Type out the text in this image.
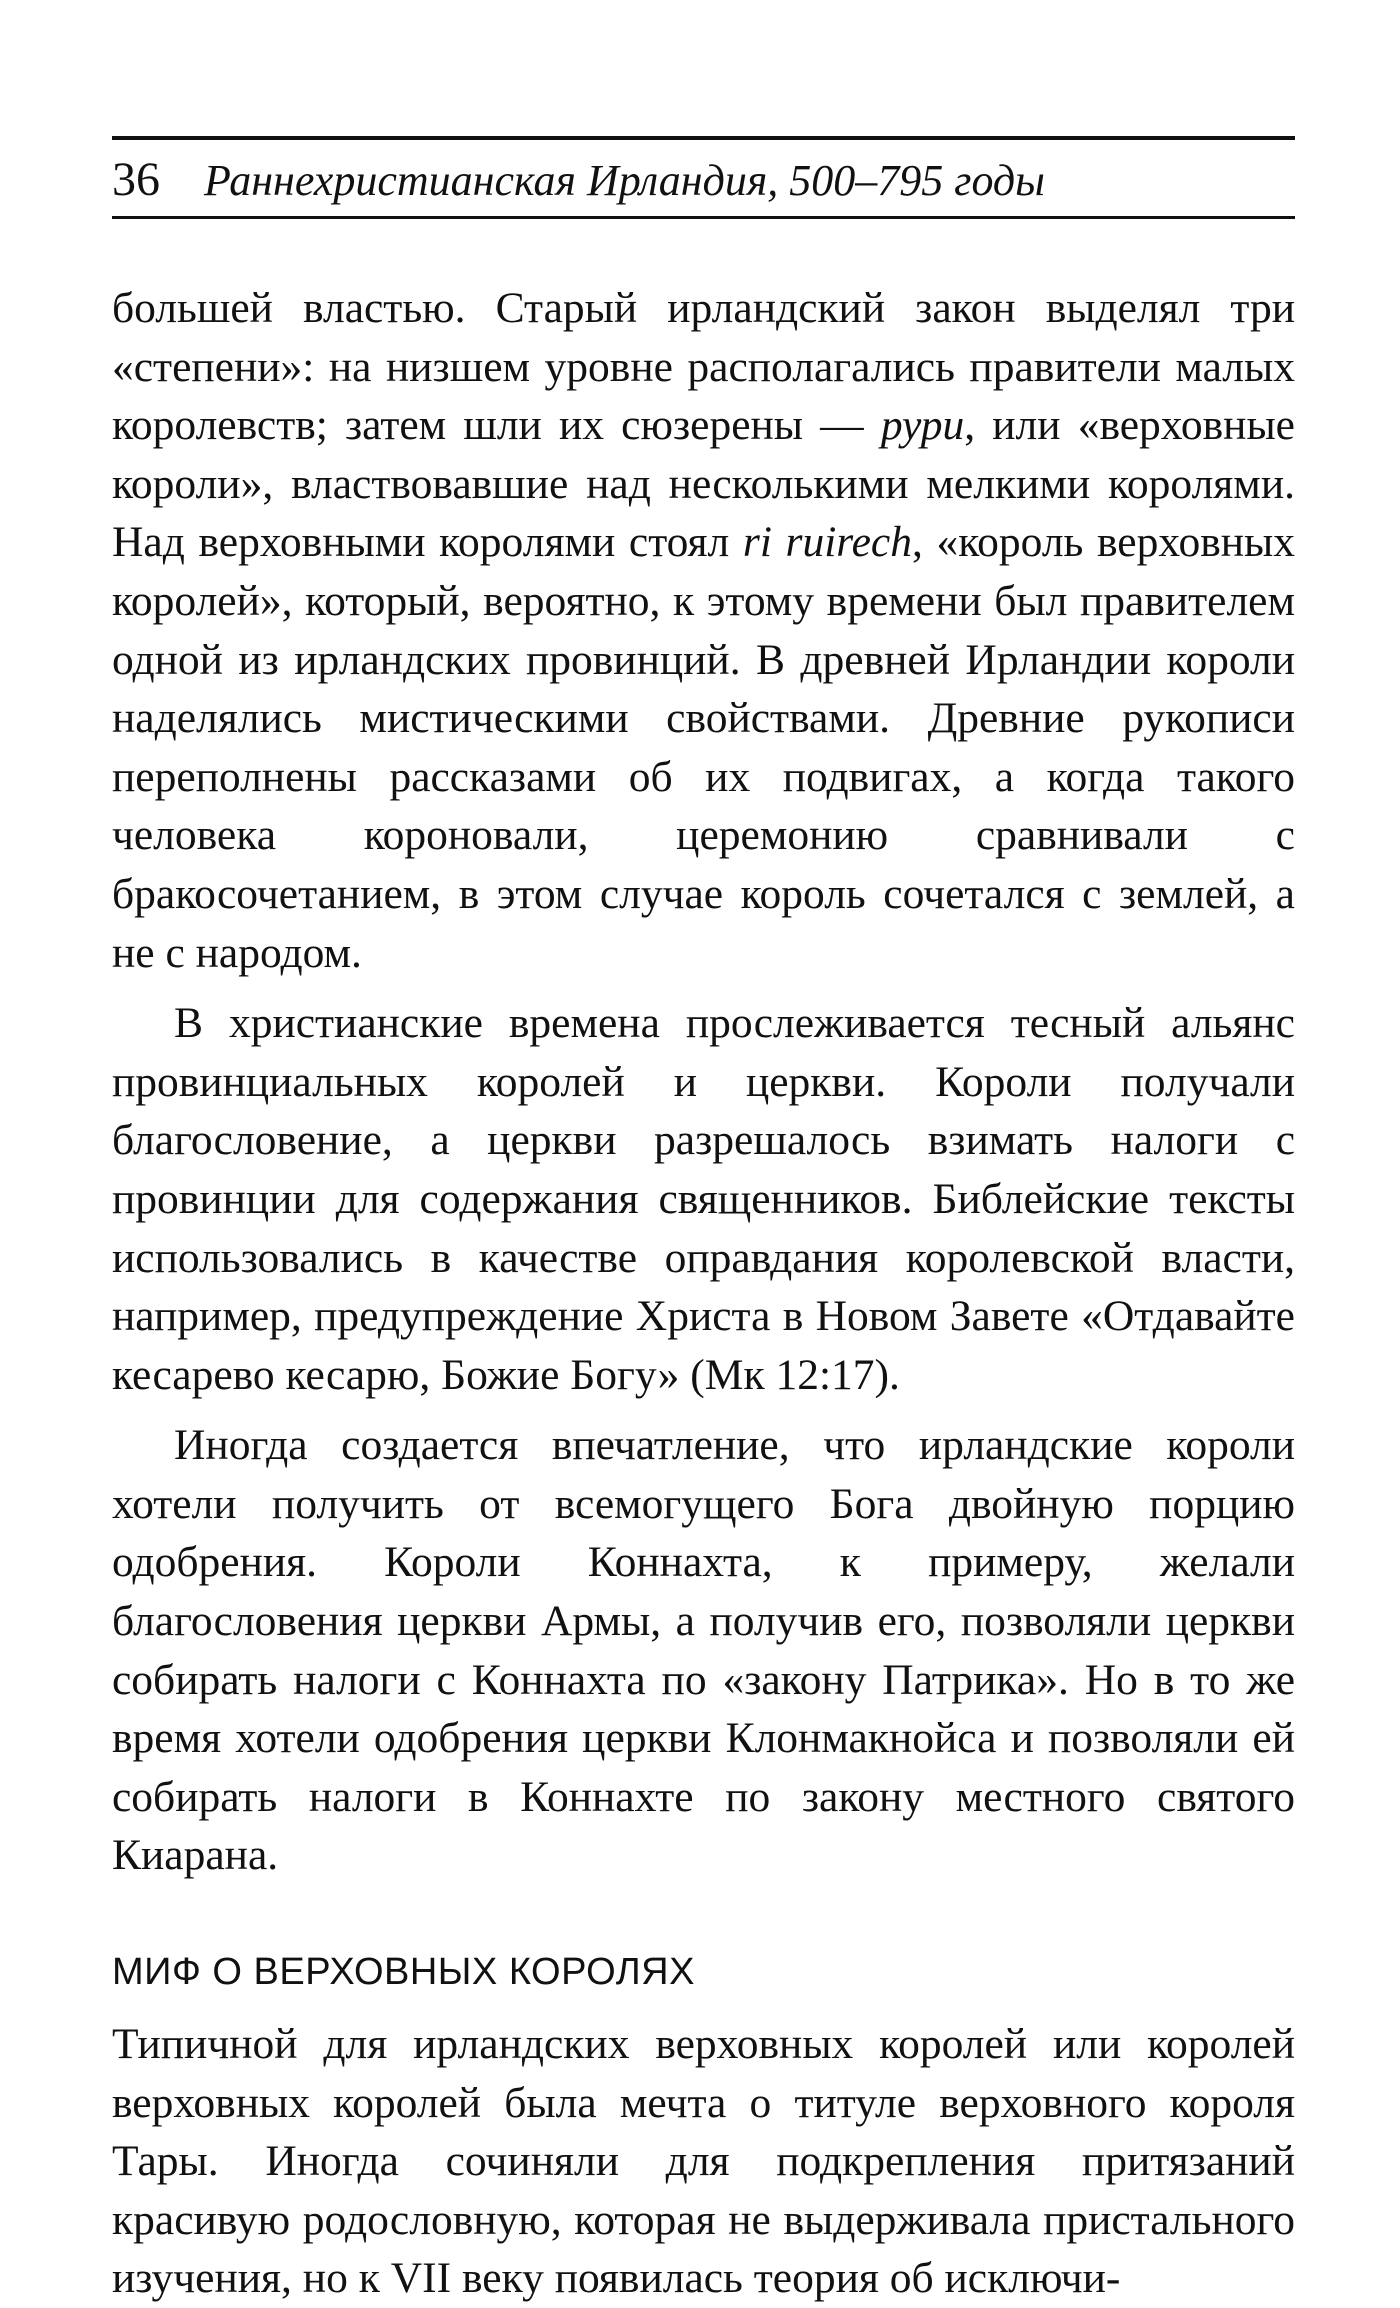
36 Раннехристианская Ирландия, 500–795 годы

большей властью. Старый ирландский закон выделял три «степени»: на низшем уровне располагались правители малых королевств; затем шли их сюзерены — рури, или «верховные короли», властвовавшие над несколькими мелкими королями. Над верховными королями стоял ri ruirech, «король верховных королей», который, вероятно, к этому времени был правителем одной из ирландских провинций. В древней Ирландии короли наделялись мистическими свойствами. Древние рукописи переполнены рассказами об их подвигах, а когда такого человека короновали, церемонию сравнивали с бракосочетанием, в этом случае король сочетался с землей, а не с народом.

В христианские времена прослеживается тесный альянс провинциальных королей и церкви. Короли получали благословение, а церкви разрешалось взимать налоги с провинции для содержания священников. Библейские тексты использовались в качестве оправдания королевской власти, например, предупреждение Христа в Новом Завете «Отдавайте кесарево кесарю, Божие Богу» (Мк 12:17).

Иногда создается впечатление, что ирландские короли хотели получить от всемогущего Бога двойную порцию одобрения. Короли Коннахта, к примеру, желали благословения церкви Армы, а получив его, позволяли церкви собирать налоги с Коннахта по «закону Патрика». Но в то же время хотели одобрения церкви Клонмакнойса и позволяли ей собирать налоги в Коннахте по закону местного святого Киарана.

МИФ О ВЕРХОВНЫХ КОРОЛЯХ

Типичной для ирландских верховных королей или королей верховных королей была мечта о титуле верховного короля Тары. Иногда сочиняли для подкрепления притязаний красивую родословную, которая не выдерживала пристального изучения, но к VII веку появилась теория об исключи-
